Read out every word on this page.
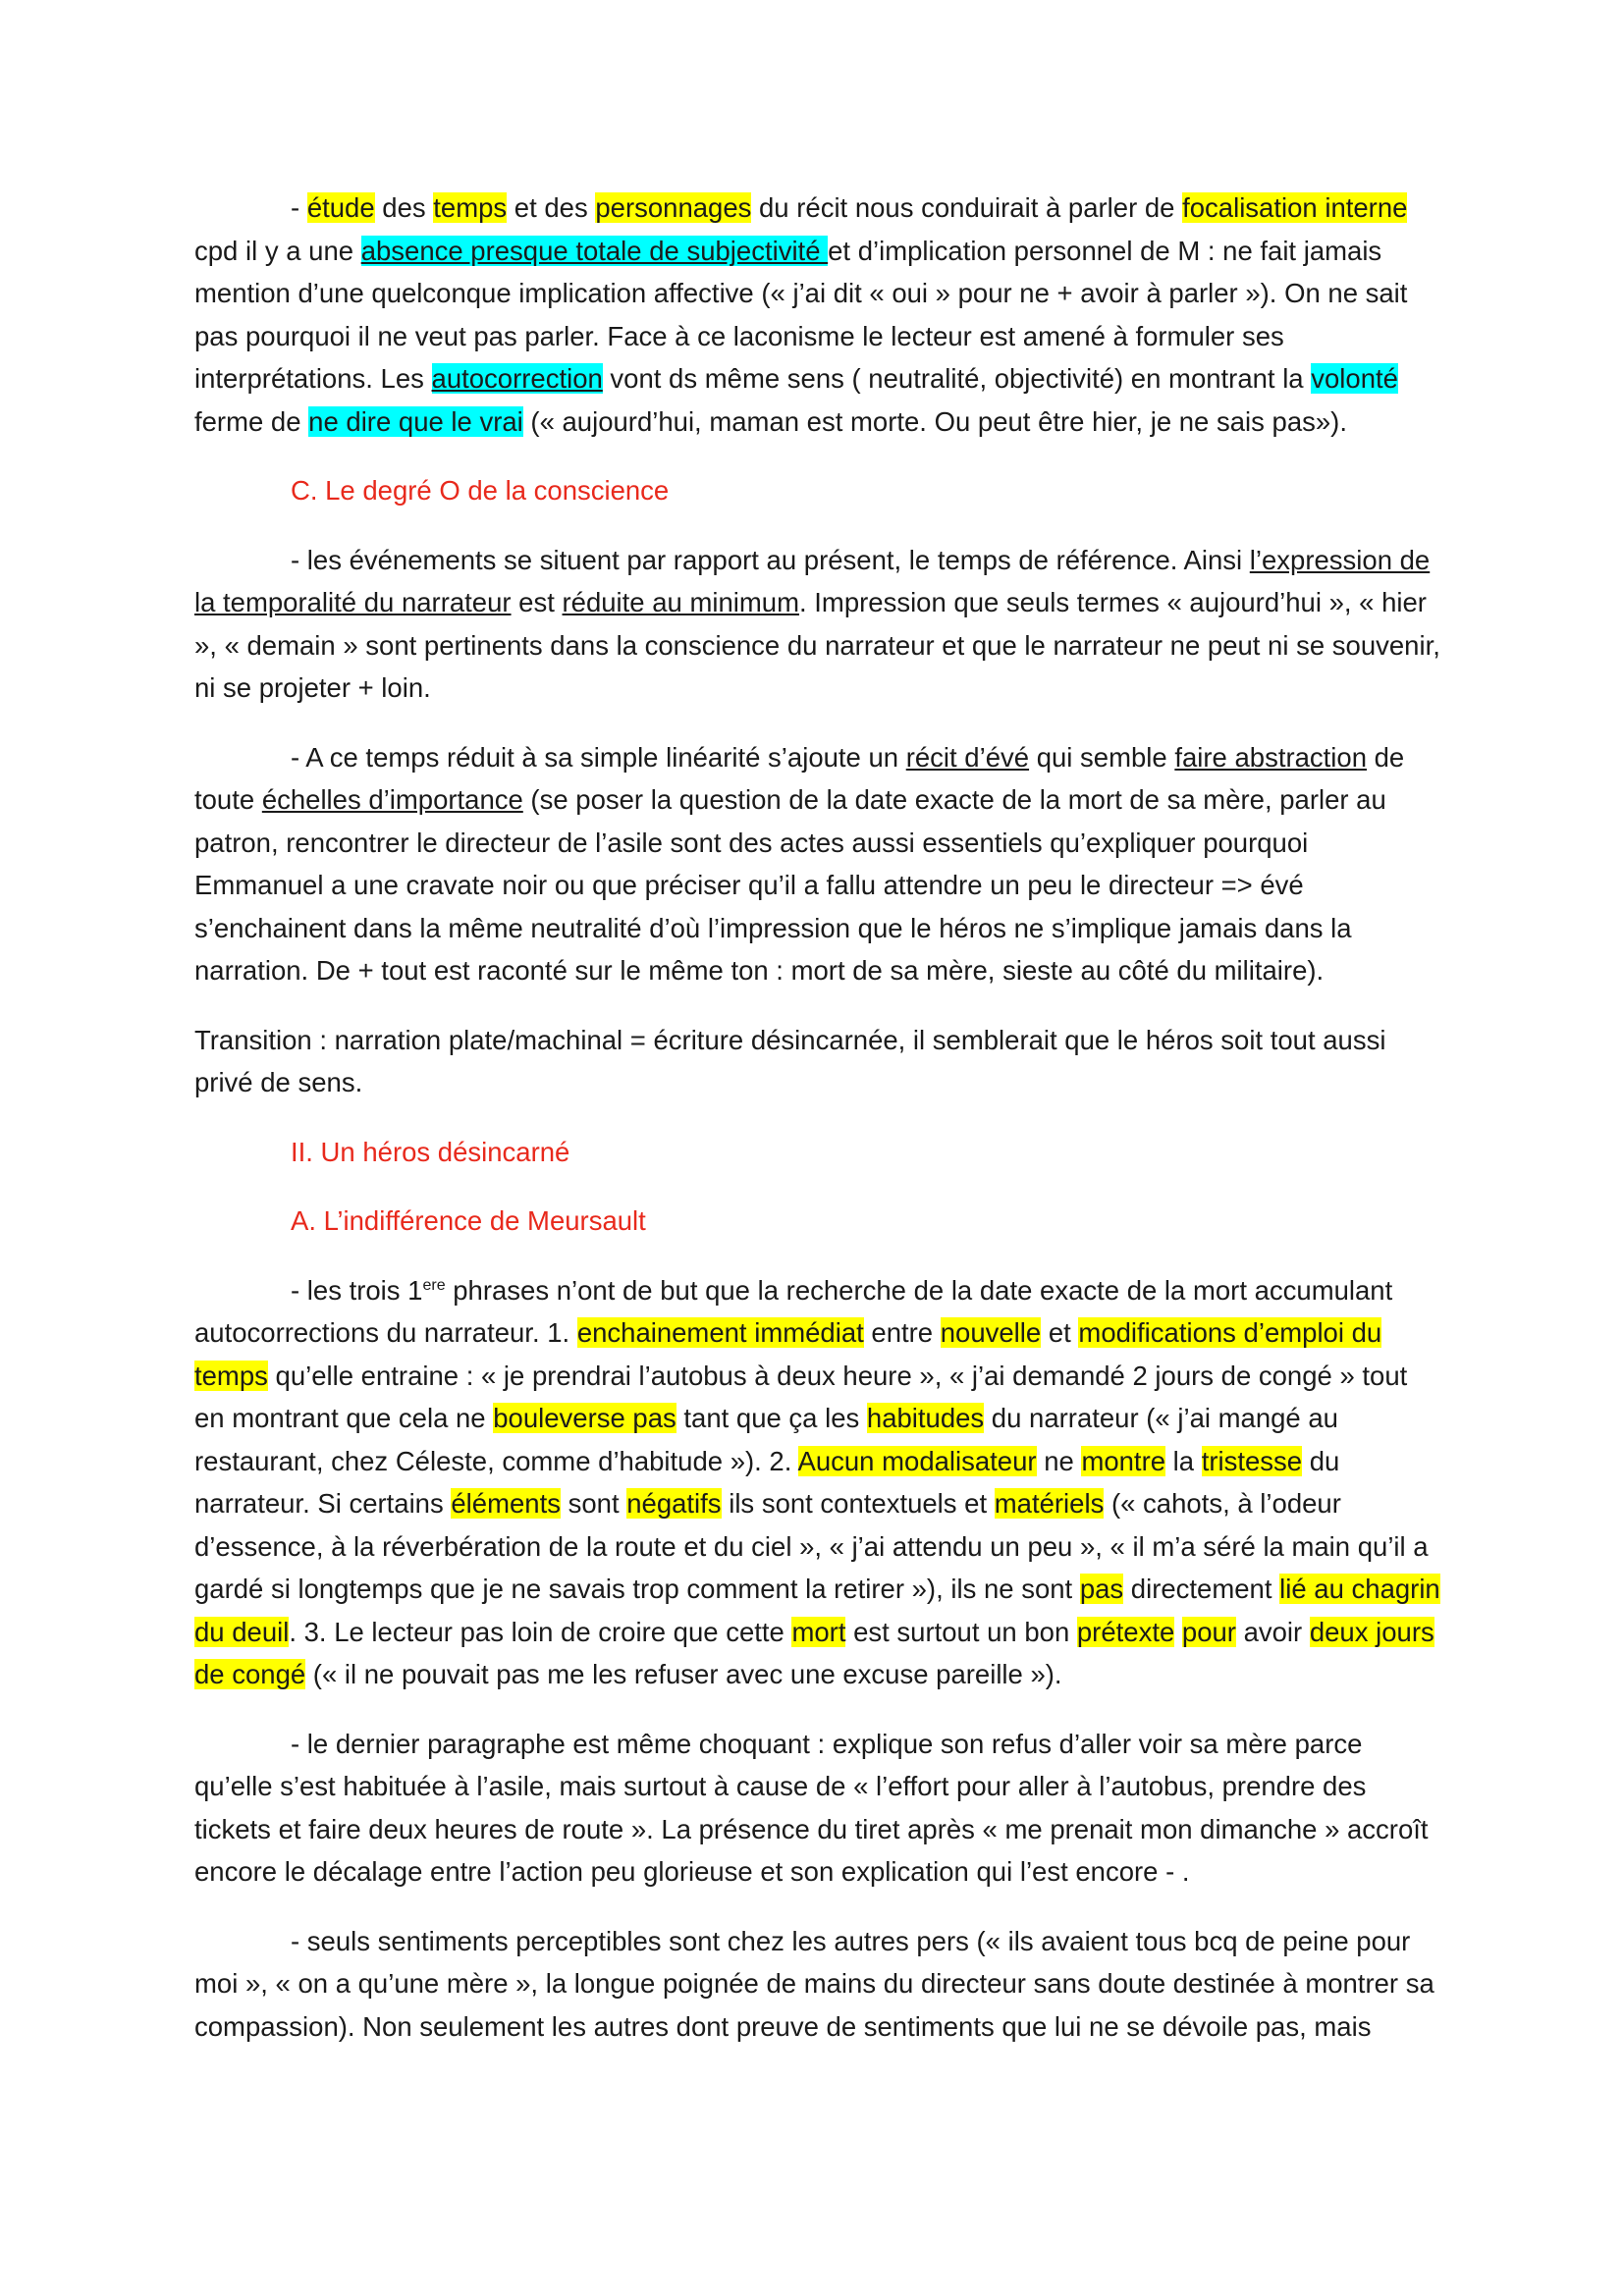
- étude des temps et des personnages du récit nous conduirait à parler de focalisation interne cpd il y a une absence presque totale de subjectivité et d’implication personnel de M : ne fait jamais mention d’une quelconque implication affective (« j’ai dit « oui » pour ne + avoir à parler »). On ne sait pas pourquoi il ne veut pas parler. Face à ce laconisme le lecteur est amené à formuler ses interprétations. Les autocorrection vont ds même sens ( neutralité, objectivité) en montrant la volonté ferme de ne dire que le vrai (« aujourd’hui, maman est morte. Ou peut être hier, je ne sais pas»).

C. Le degré O de la conscience

- les événements se situent par rapport au présent, le temps de référence. Ainsi l’expression de la temporalité du narrateur est réduite au minimum. Impression que seuls termes « aujourd’hui », « hier », « demain » sont pertinents dans la conscience du narrateur et que le narrateur ne peut ni se souvenir, ni se projeter + loin.

- A ce temps réduit à sa simple linéarité s’ajoute un récit d’évé qui semble faire abstraction de toute échelles d’importance (se poser la question de la date exacte de la mort de sa mère, parler au patron, rencontrer le directeur de l’asile sont des actes aussi essentiels qu’expliquer pourquoi Emmanuel a une cravate noir ou que préciser qu’il a fallu attendre un peu le directeur => évé s’enchainent dans la même neutralité d’où l’impression que le héros ne s’implique jamais dans la narration. De + tout est raconté sur le même ton : mort de sa mère, sieste au côté du militaire).

Transition : narration plate/machinal = écriture désincarnée, il semblerait que le héros soit tout aussi privé de sens.

II. Un héros désincarné

A. L’indifférence de Meursault

- les trois 1ere phrases n’ont de but que la recherche de la date exacte de la mort accumulant autocorrections du narrateur. 1. enchainement immédiat entre nouvelle et modifications d’emploi du temps qu’elle entraine : « je prendrai l’autobus à deux heure », « j’ai demandé 2 jours de congé » tout en montrant que cela ne bouleverse pas tant que ça les habitudes du narrateur (« j’ai mangé au restaurant, chez Céleste, comme d’habitude »). 2. Aucun modalisateur ne montre la tristesse du narrateur. Si certains éléments sont négatifs ils sont contextuels et matériels (« cahots, à l’odeur d’essence, à la réverbération de la route et du ciel », « j’ai attendu un peu », « il m’a séré la main qu’il a gardé si longtemps que je ne savais trop comment la retirer »), ils ne sont pas directement lié au chagrin du deuil. 3. Le lecteur pas loin de croire que cette mort est surtout un bon prétexte pour avoir deux jours de congé (« il ne pouvait pas me les refuser avec une excuse pareille »).

- le dernier paragraphe est même choquant : explique son refus d’aller voir sa mère parce qu’elle s’est habituée à l’asile, mais surtout à cause de « l’effort pour aller à l’autobus, prendre des tickets et faire deux heures de route ». La présence du tiret après « me prenait mon dimanche » accroît encore le décalage entre l’action peu glorieuse et son explication qui l’est encore - .

- seuls sentiments perceptibles sont chez les autres pers (« ils avaient tous bcq de peine pour moi », « on a qu’une mère », la longue poignée de mains du directeur sans doute destinée à montrer sa compassion). Non seulement les autres dont preuve de sentiments que lui ne se dévoile pas, mais
